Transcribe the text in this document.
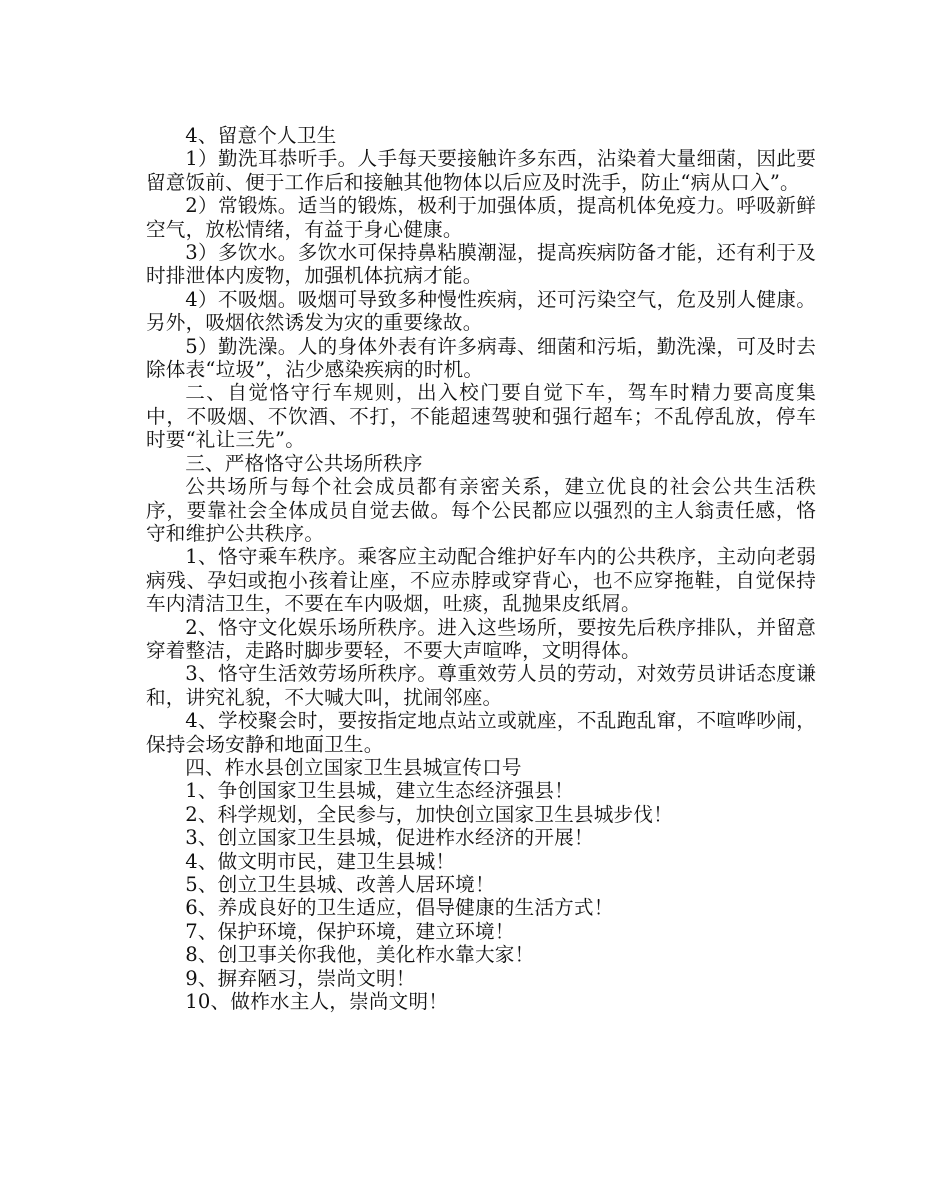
4、留意个人卫生

1）勤洗耳恭听手。人手每天要接触许多东西，沾染着大量细菌，因此要留意饭前、便于工作后和接触其他物体以后应及时洗手，防止“病从口入”。

2）常锻炼。适当的锻炼，极利于加强体质，提高机体免疫力。呼吸新鲜空气，放松情绪，有益于身心健康。

3）多饮水。多饮水可保持鼻粘膜潮湿，提高疾病防备才能，还有利于及时排泄体内废物，加强机体抗病才能。

4）不吸烟。吸烟可导致多种慢性疾病，还可污染空气，危及别人健康。另外，吸烟依然诱发为灾的重要缘故。

5）勤洗澡。人的身体外表有许多病毒、细菌和污垢，勤洗澡，可及时去除体表“垃圾”，沾少感染疾病的时机。

二、自觉恪守行车规则，出入校门要自觉下车，驾车时精力要高度集中，不吸烟、不饮酒、不打，不能超速驾驶和强行超车；不乱停乱放，停车时要“礼让三先”。

三、严格恪守公共场所秩序

公共场所与每个社会成员都有亲密关系，建立优良的社会公共生活秩序，要靠社会全体成员自觉去做。每个公民都应以强烈的主人翁责任感，恪守和维护公共秩序。

1、恪守乘车秩序。乘客应主动配合维护好车内的公共秩序，主动向老弱病残、孕妇或抱小孩着让座，不应赤脖或穿背心，也不应穿拖鞋，自觉保持车内清洁卫生，不要在车内吸烟，吐痰，乱抛果皮纸屑。

2、恪守文化娱乐场所秩序。进入这些场所，要按先后秩序排队，并留意穿着整洁，走路时脚步要轻，不要大声喧哗，文明得体。

3、恪守生活效劳场所秩序。尊重效劳人员的劳动，对效劳员讲话态度谦和，讲究礼貌，不大喊大叫，扰闹邻座。

4、学校聚会时，要按指定地点站立或就座，不乱跑乱窜，不喧哗吵闹，保持会场安静和地面卫生。

四、柞水县创立国家卫生县城宣传口号

1、争创国家卫生县城，建立生态经济强县！

2、科学规划，全民参与，加快创立国家卫生县城步伐！

3、创立国家卫生县城，促进柞水经济的开展！

4、做文明市民，建卫生县城！

5、创立卫生县城、改善人居环境！

6、养成良好的卫生适应，倡导健康的生活方式！

7、保护环境，保护环境，建立环境！

8、创卫事关你我他，美化柞水靠大家！

9、摒弃陋习，崇尚文明！

10、做柞水主人，崇尚文明！
